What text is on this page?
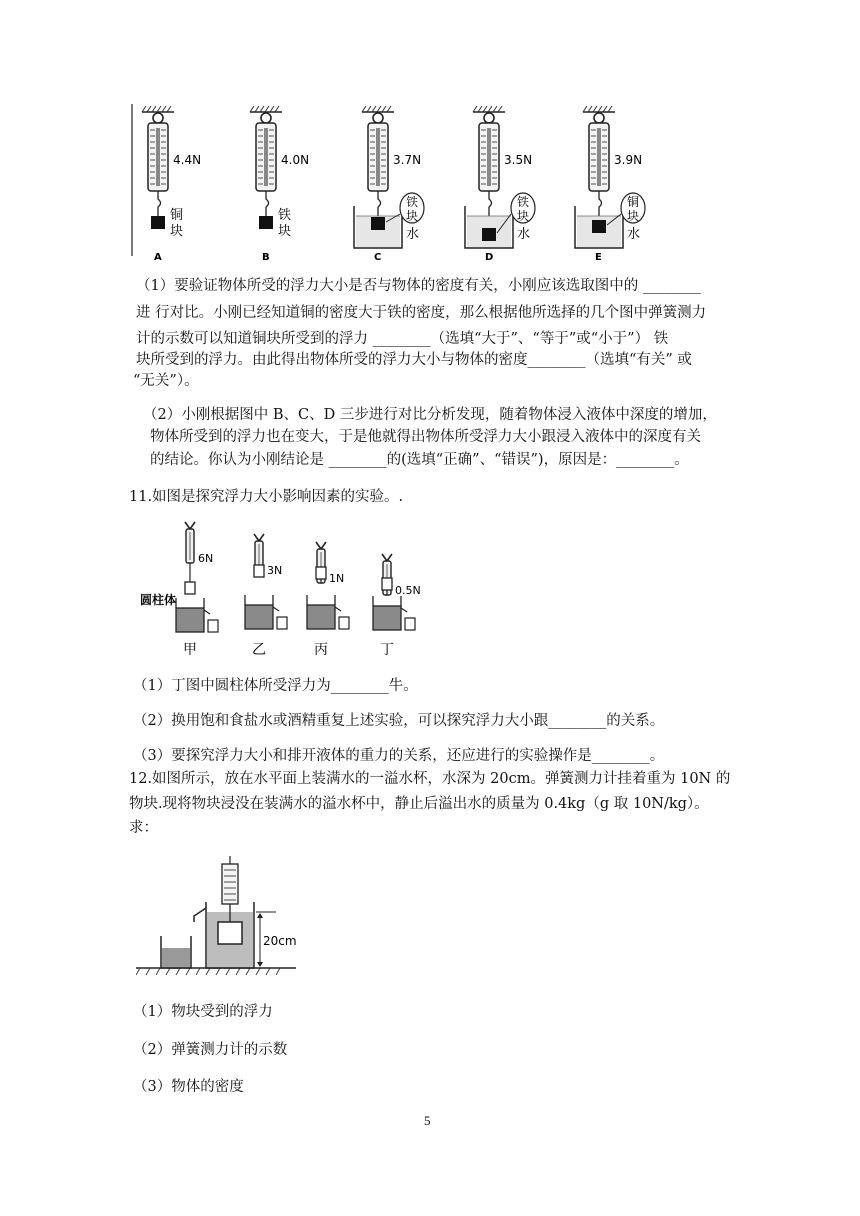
4.4N
铜
块
A
4.0N
铁
块
B
3.7N
水
铁
块
C
3.5N
水
铁
块
D
3.9N
水
铜
块
E
（1）要验证物体所受的浮力大小是否与物体的密度有关，小刚应该选取图中的 ________
进 行对比。小刚已经知道铜的密度大于铁的密度，那么根据他所选择的几个图中弹簧测力
计的示数可以知道铜块所受到的浮力 ________（选填“大于”、“等于”或“小于”） 铁
块所受到的浮力。由此得出物体所受的浮力大小与物体的密度________（选填“有关” 或
“无关”）。
（2）小刚根据图中 B、C、D 三步进行对比分析发现，随着物体浸入液体中深度的增加，
物体所受到的浮力也在变大，于是他就得出物体所受浮力大小跟浸入液体中的深度有关
的结论。你认为小刚结论是 ________的(选填“正确”、“错误”)，原因是：________。
11.如图是探究浮力大小影响因素的实验。.
6N
甲
3N
乙
1N
丙
0.5N
丁
圆柱体
（1）丁图中圆柱体所受浮力为________牛。
（2）换用饱和食盐水或酒精重复上述实验，可以探究浮力大小跟________的关系。
（3）要探究浮力大小和排开液体的重力的关系，还应进行的实验操作是________。
12.如图所示，放在水平面上装满水的一溢水杯，水深为 20cm。弹簧测力计挂着重为 10N 的
物块.现将物块浸没在装满水的溢水杯中，静止后溢出水的质量为 0.4kg（g 取 10N/kg）。
求：
20cm
（1）物块受到的浮力
（2）弹簧测力计的示数
（3）物体的密度
5
